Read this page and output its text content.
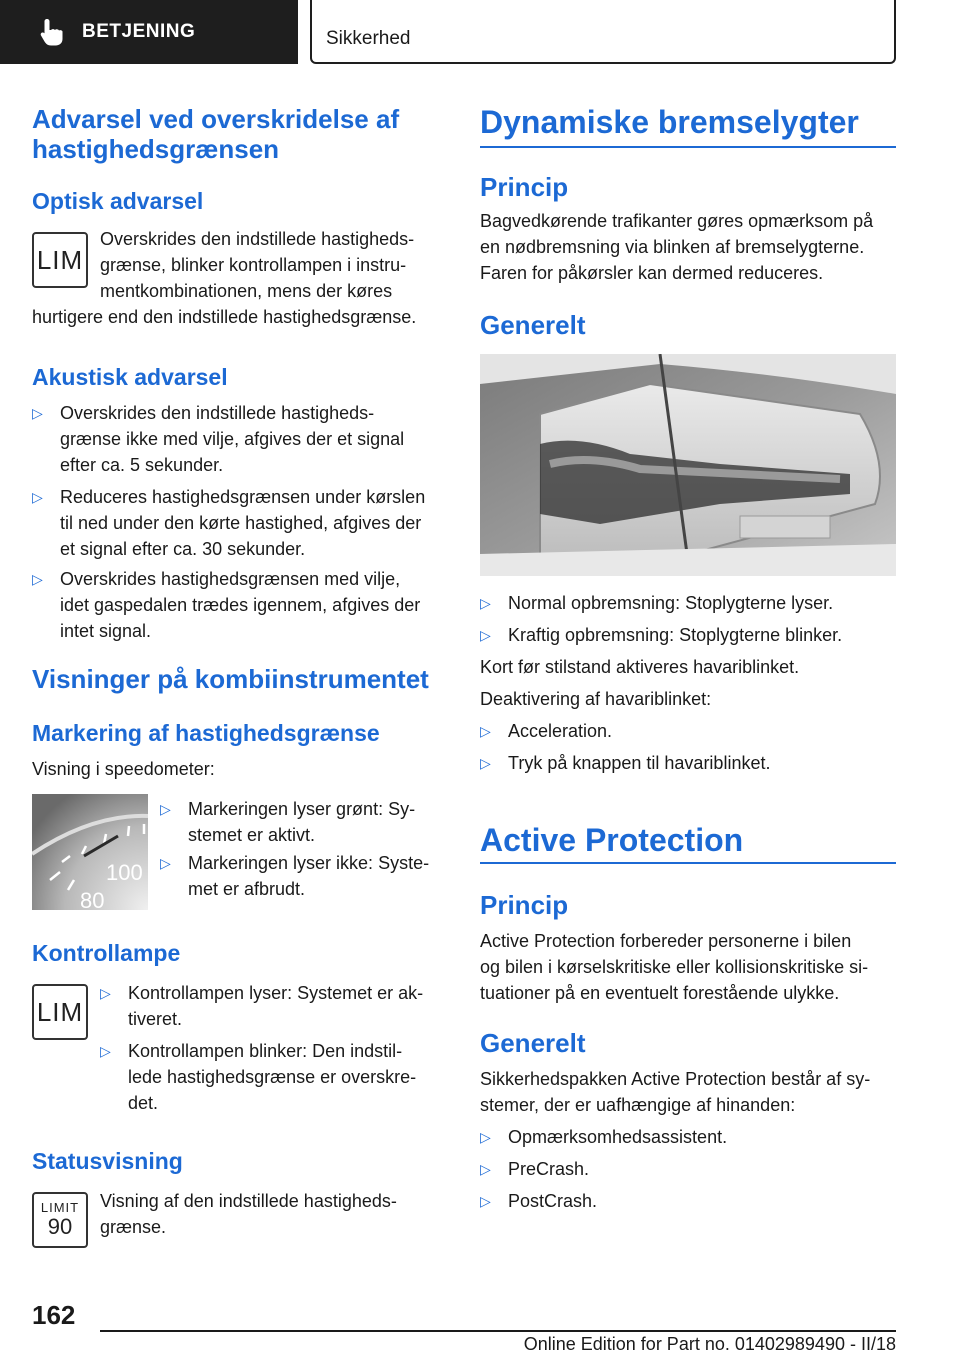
BETJENING	Sikkerhed
Advarsel ved overskridelse af hastighedsgrænsen
Optisk advarsel
LIM
Overskrides den indstillede hastigheds-
grænse, blinker kontrollampen i instru-
mentkombinationen, mens der køres
hurtigere end den indstillede hastighedsgrænse.
Akustisk advarsel
▷ Overskrides den indstillede hastigheds-
grænse ikke med vilje, afgives der et signal
efter ca. 5 sekunder.
▷ Reduceres hastighedsgrænsen under kørslen
til ned under den kørte hastighed, afgives der
et signal efter ca. 30 sekunder.
▷ Overskrides hastighedsgrænsen med vilje,
idet gaspedalen trædes igennem, afgives der
intet signal.
Visninger på kombiinstrumentet
Markering af hastighedsgrænse
Visning i speedometer:
100
80
▷ Markeringen lyser grønt: Sy-
stemet er aktivt.
▷ Markeringen lyser ikke: Syste-
met er afbrudt.
Kontrollampe
LIM
▷ Kontrollampen lyser: Systemet er ak-
tiveret.
▷ Kontrollampen blinker: Den indstil-
lede hastighedsgrænse er overskre-
det.
Statusvisning
LIMIT
90
Visning af den indstillede hastigheds-
grænse.
Dynamiske bremselygter
Princip
Bagvedkørende trafikanter gøres opmærksom på
en nødbremsning via blinken af bremselygterne.
Faren for påkørsler kan dermed reduceres.
Generelt
▷ Normal opbremsning: Stoplygterne lyser.
▷ Kraftig opbremsning: Stoplygterne blinker.
Kort før stilstand aktiveres havariblinket.
Deaktivering af havariblinket:
▷ Acceleration.
▷ Tryk på knappen til havariblinket.
Active Protection
Princip
Active Protection forbereder personerne i bilen
og bilen i kørselskritiske eller kollisionskritiske si-
tuationer på en eventuelt forestående ulykke.
Generelt
Sikkerhedspakken Active Protection består af sy-
stemer, der er uafhængige af hinanden:
▷ Opmærksomhedsassistent.
▷ PreCrash.
▷ PostCrash.
162
Online Edition for Part no. 01402989490 - II/18
